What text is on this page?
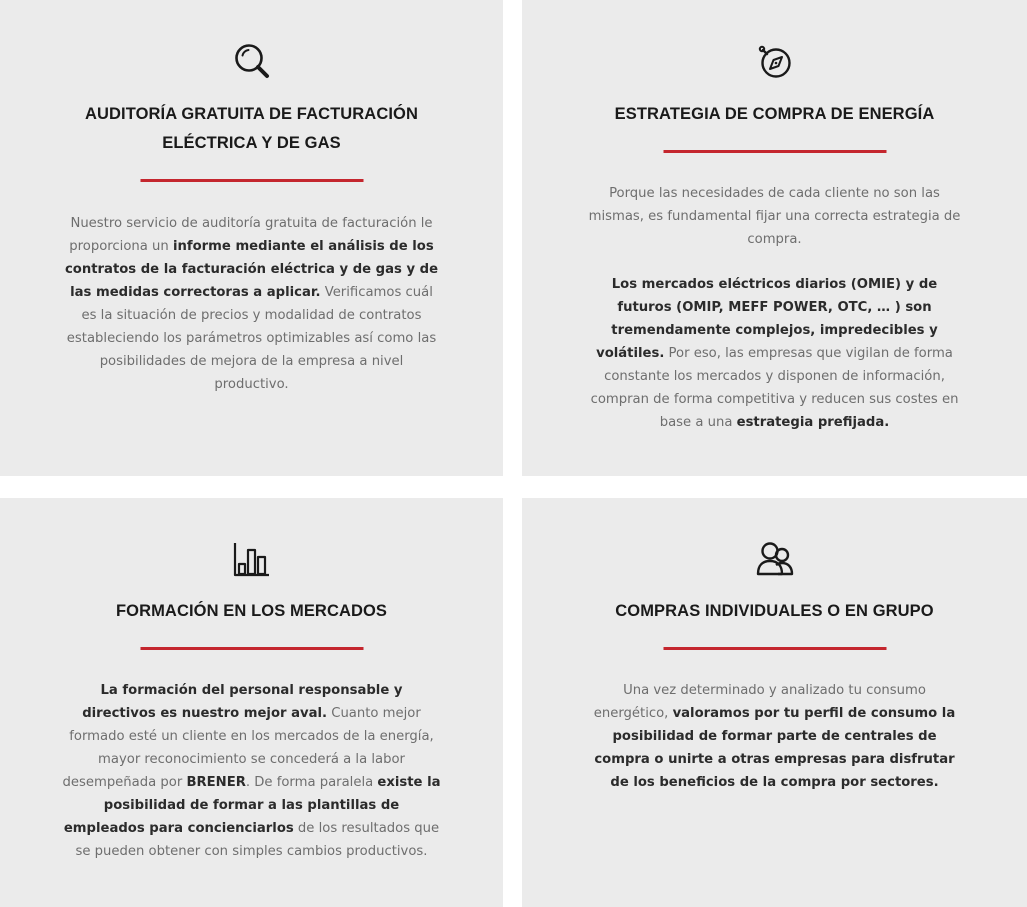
AUDITORÍA GRATUITA DE FACTURACIÓN ELÉCTRICA Y DE GAS

Nuestro servicio de auditoría gratuita de facturación le proporciona un informe mediante el análisis de los contratos de la facturación eléctrica y de gas y de las medidas correctoras a aplicar. Verificamos cuál es la situación de precios y modalidad de contratos estableciendo los parámetros optimizables así como las posibilidades de mejora de la empresa a nivel productivo.

ESTRATEGIA DE COMPRA DE ENERGÍA

Porque las necesidades de cada cliente no son las mismas, es fundamental fijar una correcta estrategia de compra.

Los mercados eléctricos diarios (OMIE) y de futuros (OMIP, MEFF POWER, OTC, … ) son tremendamente complejos, impredecibles y volátiles. Por eso, las empresas que vigilan de forma constante los mercados y disponen de información, compran de forma competitiva y reducen sus costes en base a una estrategia prefijada.

FORMACIÓN EN LOS MERCADOS

La formación del personal responsable y directivos es nuestro mejor aval. Cuanto mejor formado esté un cliente en los mercados de la energía, mayor reconocimiento se concederá a la labor desempeñada por BRENER. De forma paralela existe la posibilidad de formar a las plantillas de empleados para concienciarlos de los resultados que se pueden obtener con simples cambios productivos.

COMPRAS INDIVIDUALES O EN GRUPO

Una vez determinado y analizado tu consumo energético, valoramos por tu perfil de consumo la posibilidad de formar parte de centrales de compra o unirte a otras empresas para disfrutar de los beneficios de la compra por sectores.
